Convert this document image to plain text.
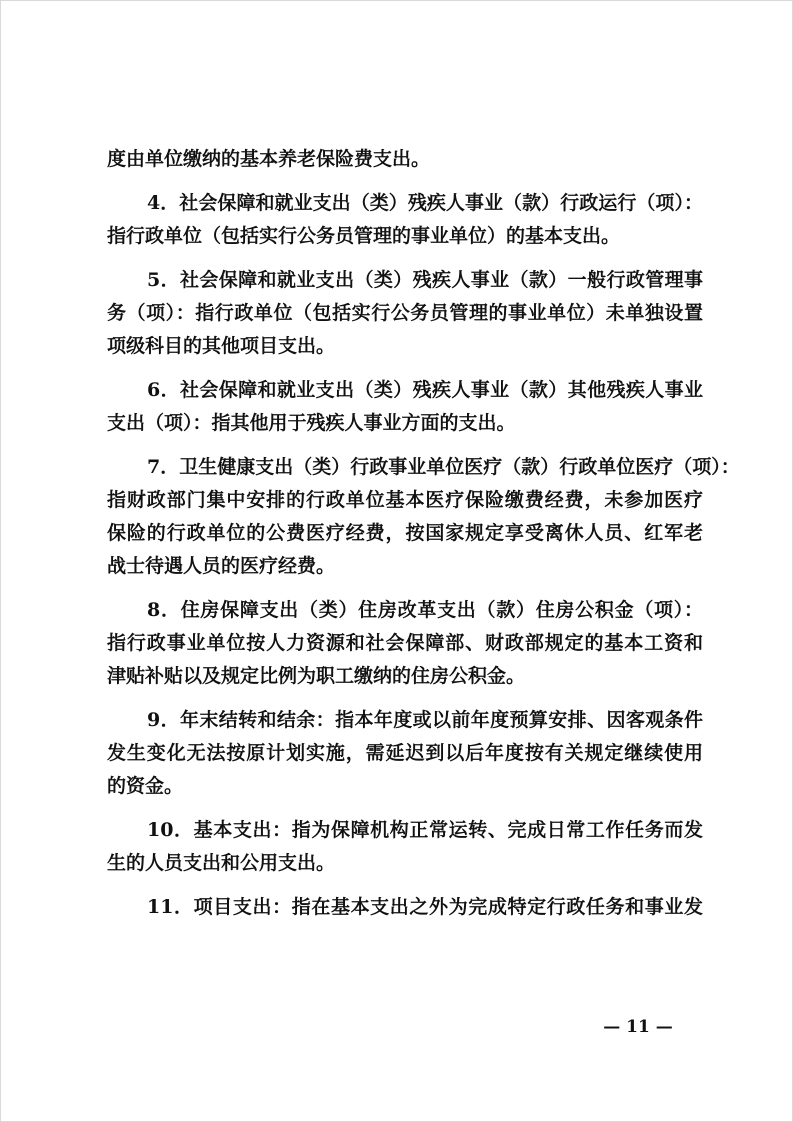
度由单位缴纳的基本养老保险费支出。
4．社会保障和就业支出（类）残疾人事业（款）行政运行（项）：
指行政单位（包括实行公务员管理的事业单位）的基本支出。
5．社会保障和就业支出（类）残疾人事业（款）一般行政管理事
务（项）：指行政单位（包括实行公务员管理的事业单位）未单独设置
项级科目的其他项目支出。
6．社会保障和就业支出（类）残疾人事业（款）其他残疾人事业
支出（项）：指其他用于残疾人事业方面的支出。
7．卫生健康支出（类）行政事业单位医疗（款）行政单位医疗（项）：
指财政部门集中安排的行政单位基本医疗保险缴费经费，未参加医疗
保险的行政单位的公费医疗经费，按国家规定享受离休人员、红军老
战士待遇人员的医疗经费。
8．住房保障支出（类）住房改革支出（款）住房公积金（项）：
指行政事业单位按人力资源和社会保障部、财政部规定的基本工资和
津贴补贴以及规定比例为职工缴纳的住房公积金。
9．年末结转和结余：指本年度或以前年度预算安排、因客观条件
发生变化无法按原计划实施，需延迟到以后年度按有关规定继续使用
的资金。
10．基本支出：指为保障机构正常运转、完成日常工作任务而发
生的人员支出和公用支出。
11．项目支出：指在基本支出之外为完成特定行政任务和事业发
— 11 —
